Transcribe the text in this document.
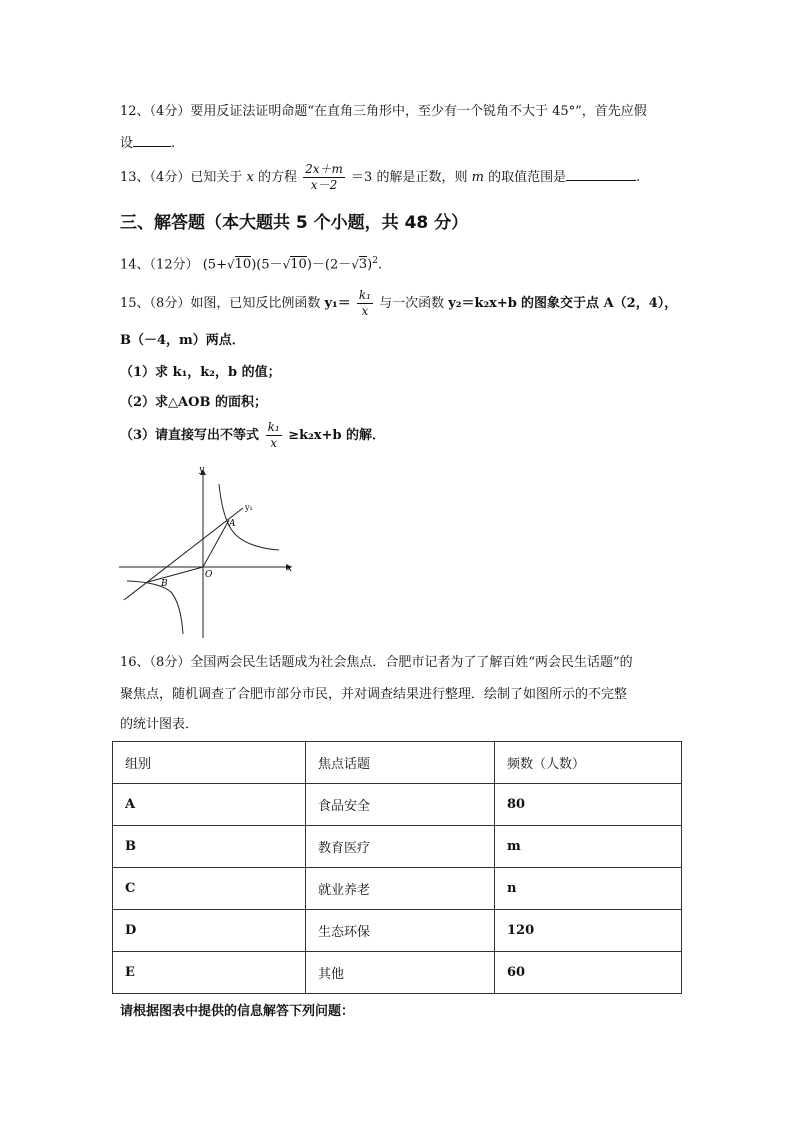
12、（4分）要用反证法证明命题“在直角三角形中，至少有一个锐角不大于 45°”，首先应假
设	.
13、（4分）已知关于 x 的方程 $\frac{2x+m}{x-2} =3$ 的解是正数，则 m 的取值范围是	.
三、解答题（本大题共 5 个小题，共 48 分）
14、（12分） $(5+√10)(5-√10)-(2-√3)^2$.
15、（8分）如图，已知反比例函数 $y_1= \frac{\text{k₁}}{x}$ 与一次函数 y₂＝k₂x+b 的图象交于点 A（2，4），
B（－4，m）两点．
（1）求 k₁，k₂，b 的值；
（2）求△AOB 的面积；
（3）请直接写出不等式 $\frac{\text{k₁}}{x} \ge k_2x+b$ 的解．
y
x
y₁
A
B
O
16、（8分）全国两会民生话题成为社会焦点．合肥市记者为了了解百姓“两会民生话题”的
聚焦点，随机调查了合肥市部分市民，并对调查结果进行整理．绘制了如图所示的不完整
的统计图表．
组别	焦点话题	频数（人数）
A	食品安全	80
B	教育医疗	m
C	就业养老	n
D	生态环保	120
E	其他	60
请根据图表中提供的信息解答下列问题：
